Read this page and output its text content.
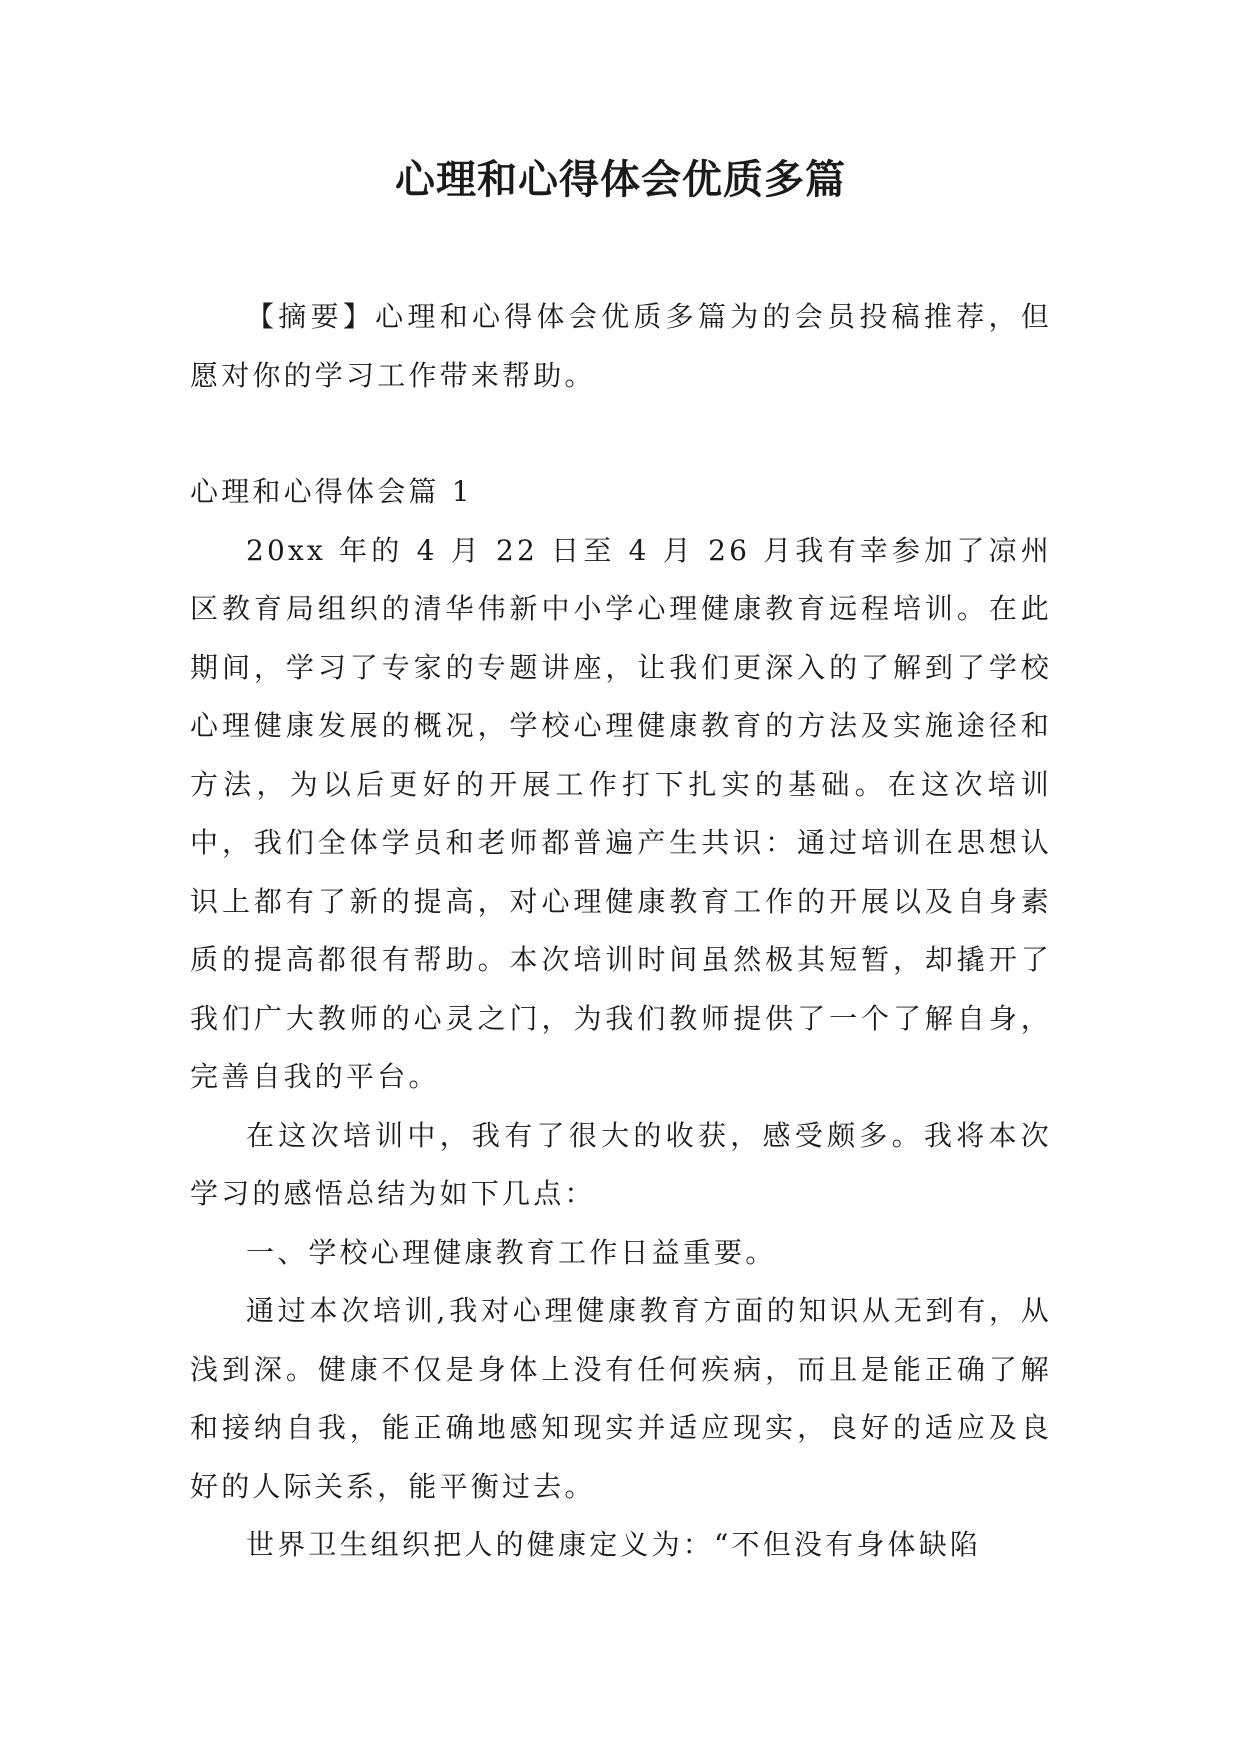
心理和心得体会优质多篇

【摘要】心理和心得体会优质多篇为的会员投稿推荐，但愿对你的学习工作带来帮助。

心理和心得体会篇 1

20xx 年的 4 月 22 日至 4 月 26 月我有幸参加了凉州区教育局组织的清华伟新中小学心理健康教育远程培训。在此期间，学习了专家的专题讲座，让我们更深入的了解到了学校心理健康发展的概况，学校心理健康教育的方法及实施途径和方法，为以后更好的开展工作打下扎实的基础。在这次培训中，我们全体学员和老师都普遍产生共识：通过培训在思想认识上都有了新的提高，对心理健康教育工作的开展以及自身素质的提高都很有帮助。本次培训时间虽然极其短暂，却撬开了我们广大教师的心灵之门，为我们教师提供了一个了解自身，完善自我的平台。

在这次培训中，我有了很大的收获，感受颇多。我将本次学习的感悟总结为如下几点：

一、学校心理健康教育工作日益重要。

通过本次培训,我对心理健康教育方面的知识从无到有，从浅到深。健康不仅是身体上没有任何疾病，而且是能正确了解和接纳自我，能正确地感知现实并适应现实，良好的适应及良好的人际关系，能平衡过去。

世界卫生组织把人的健康定义为：“不但没有身体缺陷
